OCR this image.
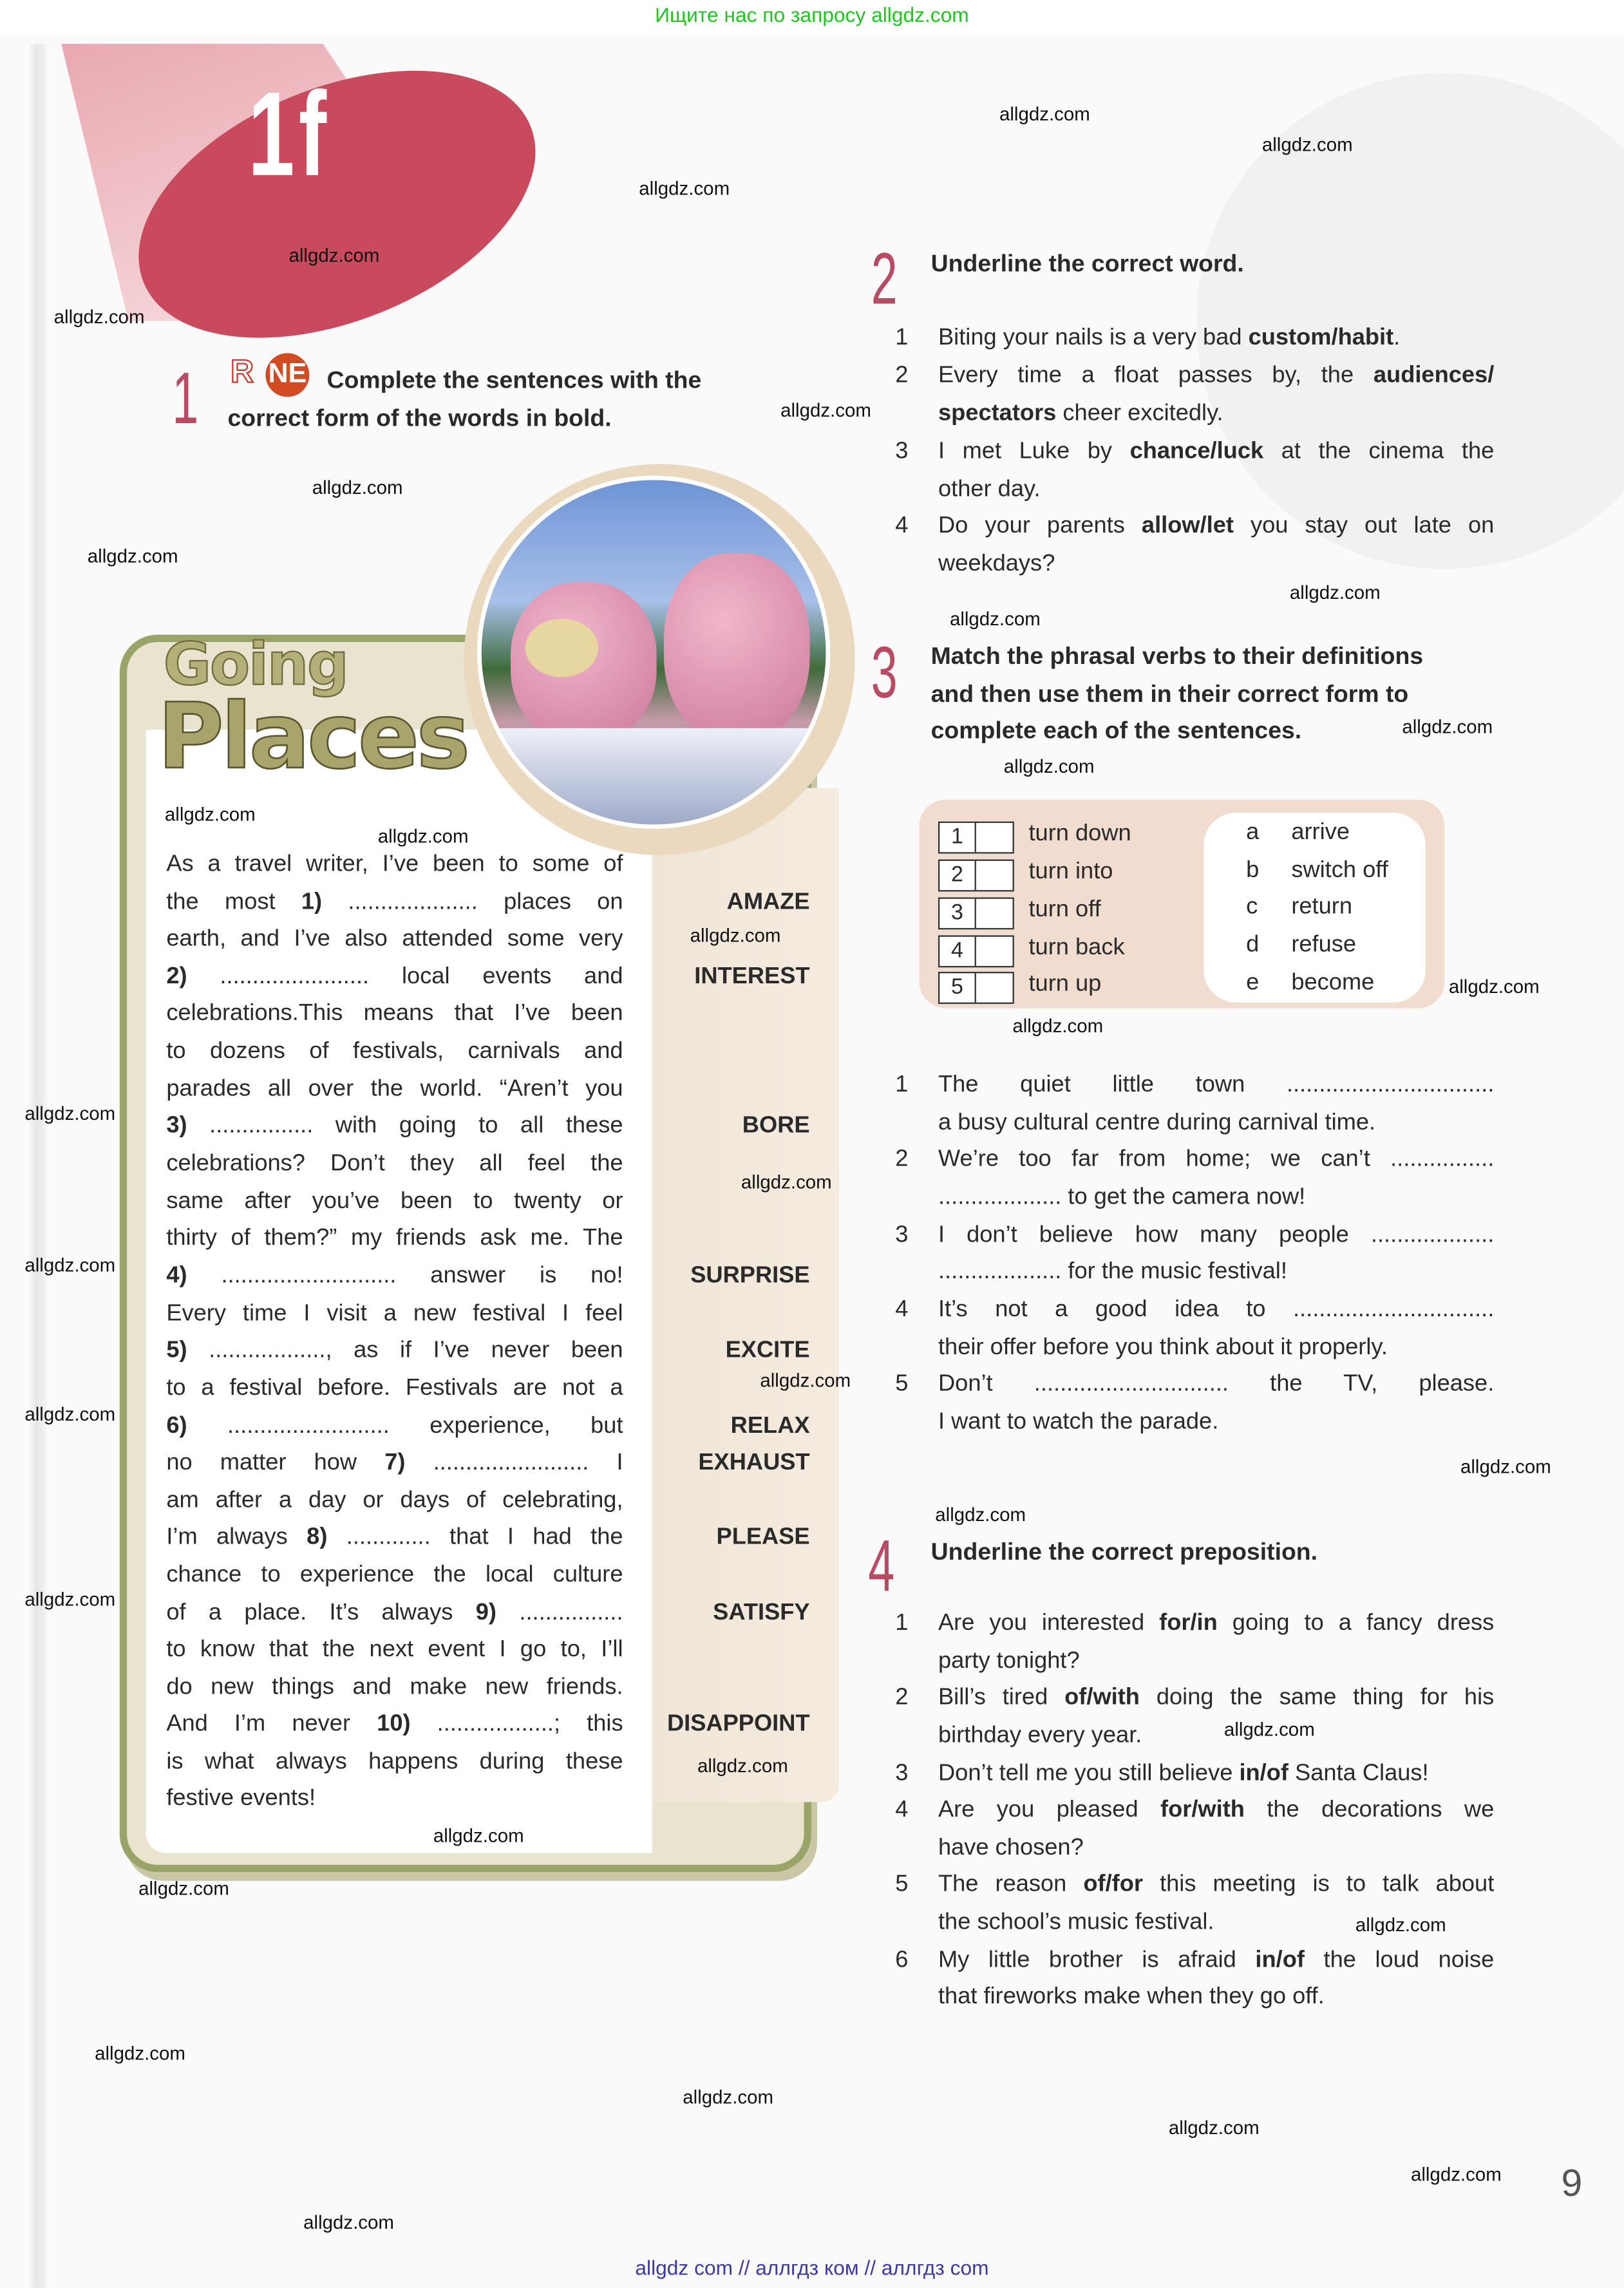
Ищите нас по запросу allgdz.com
1f
1 R NE Complete the sentences with the
correct form of the words in bold.
Going
Places
As a travel writer, I’ve been to some of
the most 1) .................... places on
earth, and I’ve also attended some very
2) ....................... local events and
celebrations.This means that I’ve been
to dozens of festivals, carnivals and
parades all over the world. “Aren’t you
3) ................ with going to all these
celebrations? Don’t they all feel the
same after you’ve been to twenty or
thirty of them?” my friends ask me. The
4) ........................... answer is no!
Every time I visit a new festival I feel
5) .................., as if I’ve never been
to a festival before. Festivals are not a
6) ......................... experience, but
no matter how 7) ........................ I
am after a day or days of celebrating,
I’m always 8) ............. that I had the
chance to experience the local culture
of a place. It’s always 9) ................
to know that the next event I go to, I’ll
do new things and make new friends.
And I’m never 10) ..................; this
is what always happens during these
festive events!
AMAZE
INTEREST
BORE
SURPRISE
EXCITE
RELAX
EXHAUST
PLEASE
SATISFY
DISAPPOINT
2	Underline the correct word.
1	Biting your nails is a very bad custom/habit.
2	Every time a float passes by, the audiences/
spectators cheer excitedly.
3	I met Luke by chance/luck at the cinema the
other day.
4	Do your parents allow/let you stay out late on
weekdays?
3	Match the phrasal verbs to their definitions
and then use them in their correct form to
complete each of the sentences.
1	turn down
2	turn into
3	turn off
4	turn back
5	turn up
a	arrive
b	switch off
c	return
d	refuse
e	become
1	The quiet little town ................................
a busy cultural centre during carnival time.
2	We’re too far from home; we can’t ................
................... to get the camera now!
3	I don’t believe how many people ...................
................... for the music festival!
4	It’s not a good idea to ...............................
their offer before you think about it properly.
5	Don’t .............................. the TV, please.
I want to watch the parade.
4	Underline the correct preposition.
1	Are you interested for/in going to a fancy dress
party tonight?
2	Bill’s tired of/with doing the same thing for his
birthday every year.
3	Don’t tell me you still believe in/of Santa Claus!
4	Are you pleased for/with the decorations we
have chosen?
5	The reason of/for this meeting is to talk about
the school’s music festival.
6	My little brother is afraid in/of the loud noise
that fireworks make when they go off.
9
allgdz com // аллгдз ком // аллгдз com
allgdz.com
allgdz.com
allgdz.com
allgdz.com
allgdz.com
allgdz.com
allgdz.com
allgdz.com
allgdz.com
allgdz.com
allgdz.com
allgdz.com
allgdz.com
allgdz.com
allgdz.com
allgdz.com
allgdz.com
allgdz.com
allgdz.com
allgdz.com
allgdz.com
allgdz.com
allgdz.com
allgdz.com
allgdz.com
allgdz.com
allgdz.com
allgdz.com
allgdz.com
allgdz.com
allgdz.com
allgdz.com
allgdz.com
allgdz.com
allgdz.com
